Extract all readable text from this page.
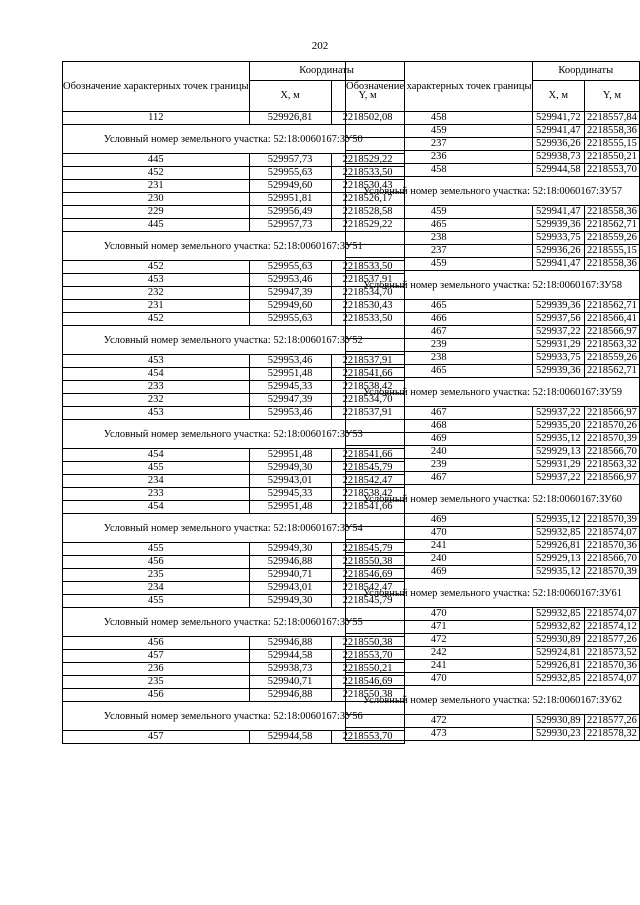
202
Обозначение характерных точек границы	Координаты	
	X, м	Y, м
112	529926,81	2218502,08
Условный номер земельного участка: 52:18:0060167:ЗУ50		
445	529957,73	2218529,22
452	529955,63	2218533,50
231	529949,60	2218530,43
230	529951,81	2218526,17
229	529956,49	2218528,58
445	529957,73	2218529,22
Условный номер земельного участка: 52:18:0060167:ЗУ51		
452	529955,63	2218533,50
453	529953,46	2218537,91
232	529947,39	2218534,70
231	529949,60	2218530,43
452	529955,63	2218533,50
Условный номер земельного участка: 52:18:0060167:ЗУ52		
453	529953,46	2218537,91
454	529951,48	2218541,66
233	529945,33	2218538,42
232	529947,39	2218534,70
453	529953,46	2218537,91
Условный номер земельного участка: 52:18:0060167:ЗУ53		
454	529951,48	2218541,66
455	529949,30	2218545,79
234	529943,01	2218542,47
233	529945,33	2218538,42
454	529951,48	2218541,66
Условный номер земельного участка: 52:18:0060167:ЗУ54		
455	529949,30	2218545,79
456	529946,88	2218550,38
235	529940,71	2218546,69
234	529943,01	2218542,47
455	529949,30	2218545,79
Условный номер земельного участка: 52:18:0060167:ЗУ55		
456	529946,88	2218550,38
457	529944,58	2218553,70
236	529938,73	2218550,21
235	529940,71	2218546,69
456	529946,88	2218550,38
Условный номер земельного участка: 52:18:0060167:ЗУ56		
457	529944,58	2218553,70
Обозначение характерных точек границы	Координаты	
	X, м	Y, м
458	529941,72	2218557,84
459	529941,47	2218558,36
237	529936,26	2218555,15
236	529938,73	2218550,21
458	529944,58	2218553,70
Условный номер земельного участка: 52:18:0060167:ЗУ57		
459	529941,47	2218558,36
465	529939,36	2218562,71
238	529933,75	2218559,26
237	529936,26	2218555,15
459	529941,47	2218558,36
Условный номер земельного участка: 52:18:0060167:ЗУ58		
465	529939,36	2218562,71
466	529937,56	2218566,41
467	529937,22	2218566,97
239	529931,29	2218563,32
238	529933,75	2218559,26
465	529939,36	2218562,71
Условный номер земельного участка: 52:18:0060167:ЗУ59		
467	529937,22	2218566,97
468	529935,20	2218570,26
469	529935,12	2218570,39
240	529929,13	2218566,70
239	529931,29	2218563,32
467	529937,22	2218566,97
Условный номер земельного участка: 52:18:0060167:ЗУ60		
469	529935,12	2218570,39
470	529932,85	2218574,07
241	529926,81	2218570,36
240	529929,13	2218566,70
469	529935,12	2218570,39
Условный номер земельного участка: 52:18:0060167:ЗУ61		
470	529932,85	2218574,07
471	529932,82	2218574,12
472	529930,89	2218577,26
242	529924,81	2218573,52
241	529926,81	2218570,36
470	529932,85	2218574,07
Условный номер земельного участка: 52:18:0060167:ЗУ62		
472	529930,89	2218577,26
473	529930,23	2218578,32
